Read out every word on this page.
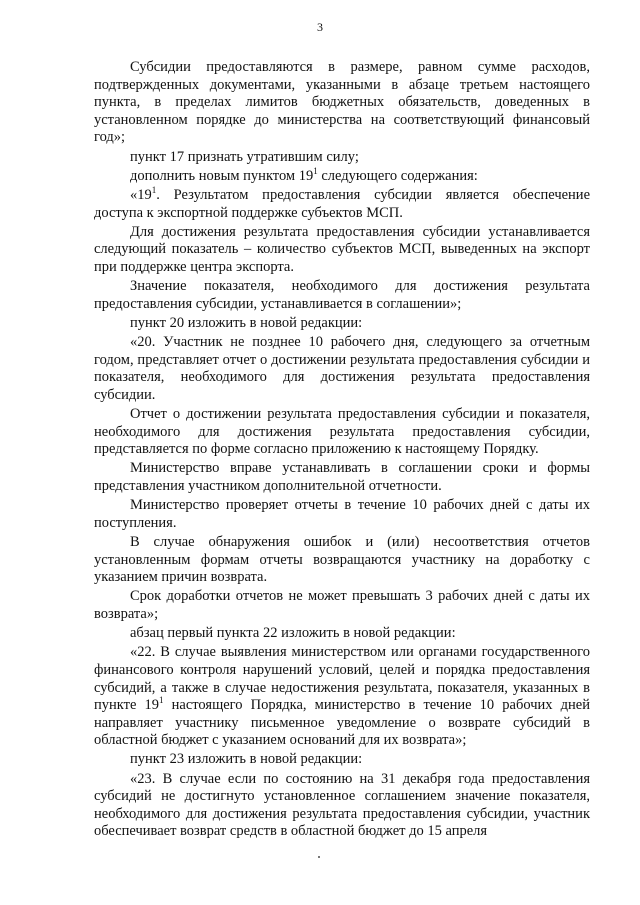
3

Субсидии предоставляются в размере, равном сумме расходов, подтвержденных документами, указанными в абзаце третьем настоящего пункта, в пределах лимитов бюджетных обязательств, доведенных в установленном порядке до министерства на соответствующий финансовый год»;

пункт 17 признать утратившим силу;

дополнить новым пунктом $19^1$ следующего содержания:

«$19^1$. Результатом предоставления субсидии является обеспечение доступа к экспортной поддержке субъектов МСП.

Для достижения результата предоставления субсидии устанавливается следующий показатель – количество субъектов МСП, выведенных на экспорт при поддержке центра экспорта.

Значение показателя, необходимого для достижения результата предоставления субсидии, устанавливается в соглашении»;

пункт 20 изложить в новой редакции:

«20. Участник не позднее 10 рабочего дня, следующего за отчетным годом, представляет отчет о достижении результата предоставления субсидии и показателя, необходимого для достижения результата предоставления субсидии.

Отчет о достижении результата предоставления субсидии и показателя, необходимого для достижения результата предоставления субсидии, представляется по форме согласно приложению к настоящему Порядку.

Министерство вправе устанавливать в соглашении сроки и формы представления участником дополнительной отчетности.

Министерство проверяет отчеты в течение 10 рабочих дней с даты их поступления.

В случае обнаружения ошибок и (или) несоответствия отчетов установленным формам отчеты возвращаются участнику на доработку с указанием причин возврата.

Срок доработки отчетов не может превышать 3 рабочих дней с даты их возврата»;

абзац первый пункта 22 изложить в новой редакции:

«22. В случае выявления министерством или органами государственного финансового контроля нарушений условий, целей и порядка предоставления субсидий, а также в случае недостижения результата, показателя, указанных в пункте $19^1$ настоящего Порядка, министерство в течение 10 рабочих дней направляет участнику письменное уведомление о возврате субсидий в областной бюджет с указанием оснований для их возврата»;

пункт 23 изложить в новой редакции:

«23. В случае если по состоянию на 31 декабря года предоставления субсидий не достигнуто установленное соглашением значение показателя, необходимого для достижения результата предоставления субсидии, участник обеспечивает возврат средств в областной бюджет до 15 апреля
